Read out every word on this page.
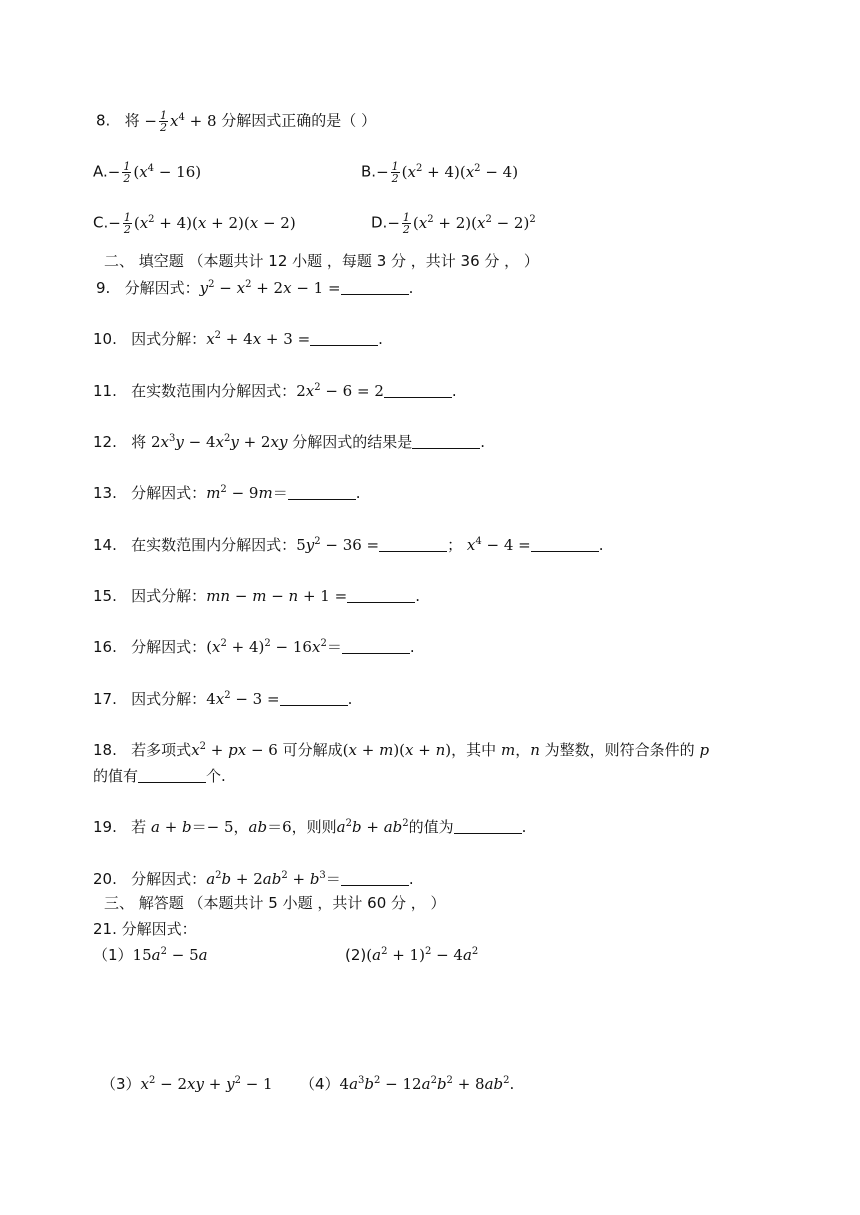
8. 将 − $\frac{1}{2} x^4 + 8$ 分解因式正确的是（ ）
$A.- \frac{1}{2} (x^4 - 16)$	$B.- \frac{1}{2} (x^2 + 4)(x^2 - 4)$
$C.- \frac{1}{2} (x^2 + 4)(x + 2)(x - 2)$	$D.- \frac{1}{2} (x^2 + 2)(x^2 - 2)^2$
二、 填空题 （本题共计 12 小题 ，每题 3 分 ，共计 36 分 ， ）
9. 分解因式：$y^2 - x^2 + 2x - 1$ =	.
10. 因式分解：$x^2 + 4x + 3$ =	.
11. 在实数范围内分解因式：$2x^2 - 6 = 2$	.
12. 将 $2x^3y - 4x^2y + 2xy$ 分解因式的结果是	.
13. 分解因式：$m^2 - 9m=$	.
14. 在实数范围内分解因式：$5y^2 - 36$ =	； $x^4 - 4$ =	.
15. 因式分解：mn − m − n + 1 =	.
16. 分解因式：$(x^2 + 4)^2 - 16x^2=$	.
17. 因式分解：$4x^2 - 3$ =	.
18. 若多项式$x^2$ + px − 6 可分解成(x + m)(x + n)，其中 m，n 为整数，则符合条件的 p
的值有	个.
19. 若 a + b＝− 5，ab＝6，则则$a^2b + ab^2$的值为	.
20. 分解因式：$a^2b + 2ab^2 + b^3=$	.
三、 解答题 （本题共计 5 小题 ，共计 60 分 ， ）
21. 分解因式：
$(1)15a^2 - 5a$	$(2)(a^2 + 1)^2 - 4a^2$
$(3)x^2 - 2xy + y^2 - 1$ $(4)4a^3b^2 - 12a^2b^2 + 8ab^2$.
